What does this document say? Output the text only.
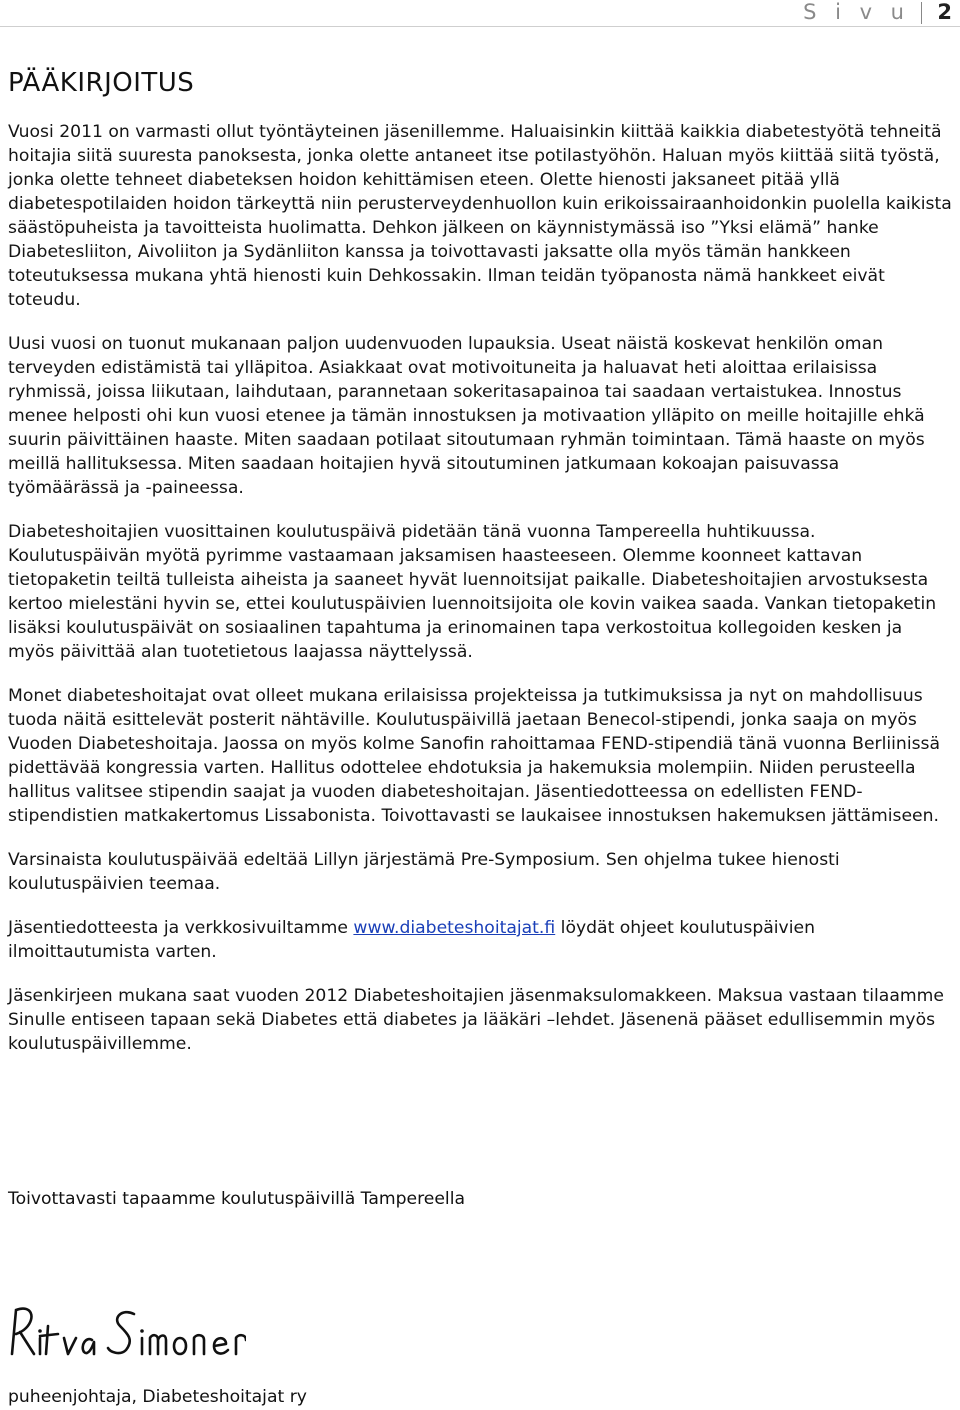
S i v u 2
PÄÄKIRJOITUS

Vuosi 2011 on varmasti ollut työntäyteinen jäsenillemme. Haluaisinkin kiittää kaikkia diabetestyötä tehneitä hoitajia siitä suuresta panoksesta, jonka olette antaneet itse potilastyöhön. Haluan myös kiittää siitä työstä, jonka olette tehneet diabeteksen hoidon kehittämisen eteen. Olette hienosti jaksaneet pitää yllä diabetespotilaiden hoidon tärkeyttä niin perusterveydenhuollon kuin erikoissairaanhoidonkin puolella kaikista säästöpuheista ja tavoitteista huolimatta. Dehkon jälkeen on käynnistymässä iso ”Yksi elämä” hanke Diabetesliiton, Aivoliiton ja Sydänliiton kanssa ja toivottavasti jaksatte olla myös tämän hankkeen toteutuksessa mukana yhtä hienosti kuin Dehkossakin. Ilman teidän työpanosta nämä hankkeet eivät toteudu.

Uusi vuosi on tuonut mukanaan paljon uudenvuoden lupauksia. Useat näistä koskevat henkilön oman terveyden edistämistä tai ylläpitoa. Asiakkaat ovat motivoituneita ja haluavat heti aloittaa erilaisissa ryhmissä, joissa liikutaan, laihdutaan, parannetaan sokeritasapainoa tai saadaan vertaistukea. Innostus menee helposti ohi kun vuosi etenee ja tämän innostuksen ja motivaation ylläpito on meille hoitajille ehkä suurin päivittäinen haaste. Miten saadaan potilaat sitoutumaan ryhmän toimintaan. Tämä haaste on myös meillä hallituksessa. Miten saadaan hoitajien hyvä sitoutuminen jatkumaan kokoajan paisuvassa työmäärässä ja -paineessa.

Diabeteshoitajien vuosittainen koulutuspäivä pidetään tänä vuonna Tampereella huhtikuussa. Koulutuspäivän myötä pyrimme vastaamaan jaksamisen haasteeseen. Olemme koonneet kattavan tietopaketin teiltä tulleista aiheista ja saaneet hyvät luennoitsijat paikalle. Diabeteshoitajien arvostuksesta kertoo mielestäni hyvin se, ettei koulutuspäivien luennoitsijoita ole kovin vaikea saada. Vankan tietopaketin lisäksi koulutuspäivät on sosiaalinen tapahtuma ja erinomainen tapa verkostoitua kollegoiden kesken ja myös päivittää alan tuotetietous laajassa näyttelyssä.

Monet diabeteshoitajat ovat olleet mukana erilaisissa projekteissa ja tutkimuksissa ja nyt on mahdollisuus tuoda näitä esittelevät posterit nähtäville. Koulutuspäivillä jaetaan Benecol-stipendi, jonka saaja on myös Vuoden Diabeteshoitaja. Jaossa on myös kolme Sanofin rahoittamaa FEND-stipendiä tänä vuonna Berliinissä pidettävää kongressia varten. Hallitus odottelee ehdotuksia ja hakemuksia molempiin. Niiden perusteella hallitus valitsee stipendin saajat ja vuoden diabeteshoitajan. Jäsentiedotteessa on edellisten FEND-stipendistien matkakertomus Lissabonista. Toivottavasti se laukaisee innostuksen hakemuksen jättämiseen.

Varsinaista koulutuspäivää edeltää Lillyn järjestämä Pre-Symposium. Sen ohjelma tukee hienosti koulutuspäivien teemaa.

Jäsentiedotteesta ja verkkosivuiltamme www.diabeteshoitajat.fi löydät ohjeet koulutuspäivien ilmoittautumista varten.

Jäsenkirjeen mukana saat vuoden 2012 Diabeteshoitajien jäsenmaksulomakkeen. Maksua vastaan tilaamme Sinulle entiseen tapaan sekä Diabetes että diabetes ja lääkäri –lehdet. Jäsenenä pääset edullisemmin myös koulutuspäivillemme.

Toivottavasti tapaamme koulutuspäivillä Tampereella

puheenjohtaja, Diabeteshoitajat ry
